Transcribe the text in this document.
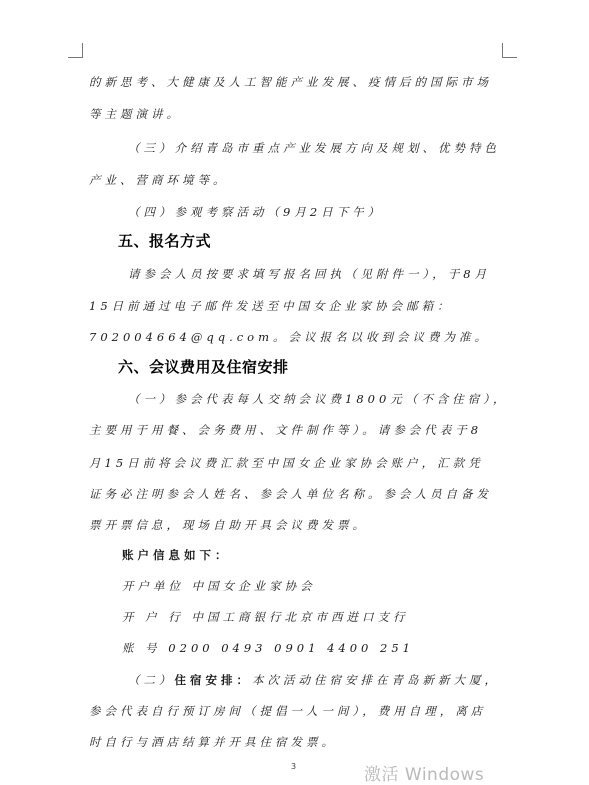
的新思考、大健康及人工智能产业发展、疫情后的国际市场
等主题演讲。
（三）介绍青岛市重点产业发展方向及规划、优势特色
产业、营商环境等。
（四）参观考察活动（9月2日下午）
五、报名方式
请参会人员按要求填写报名回执（见附件一），于8月
15日前通过电子邮件发送至中国女企业家协会邮箱：
702004664@qq.com。会议报名以收到会议费为准。
六、会议费用及住宿安排
（一）参会代表每人交纳会议费1800元（不含住宿），
主要用于用餐、会务费用、文件制作等）。请参会代表于8
月15日前将会议费汇款至中国女企业家协会账户，汇款凭
证务必注明参会人姓名、参会人单位名称。参会人员自备发
票开票信息，现场自助开具会议费发票。
账户信息如下：
开户单位 中国女企业家协会
开 户 行 中国工商银行北京市西逬口支行
账 号 0200 0493 0901 4400 251
（二）住宿安排：本次活动住宿安排在青岛新新大厦，
参会代表自行预订房间（提倡一人一间），费用自理，离店
时自行与酒店结算并开具住宿发票。
3	激活 Windows
